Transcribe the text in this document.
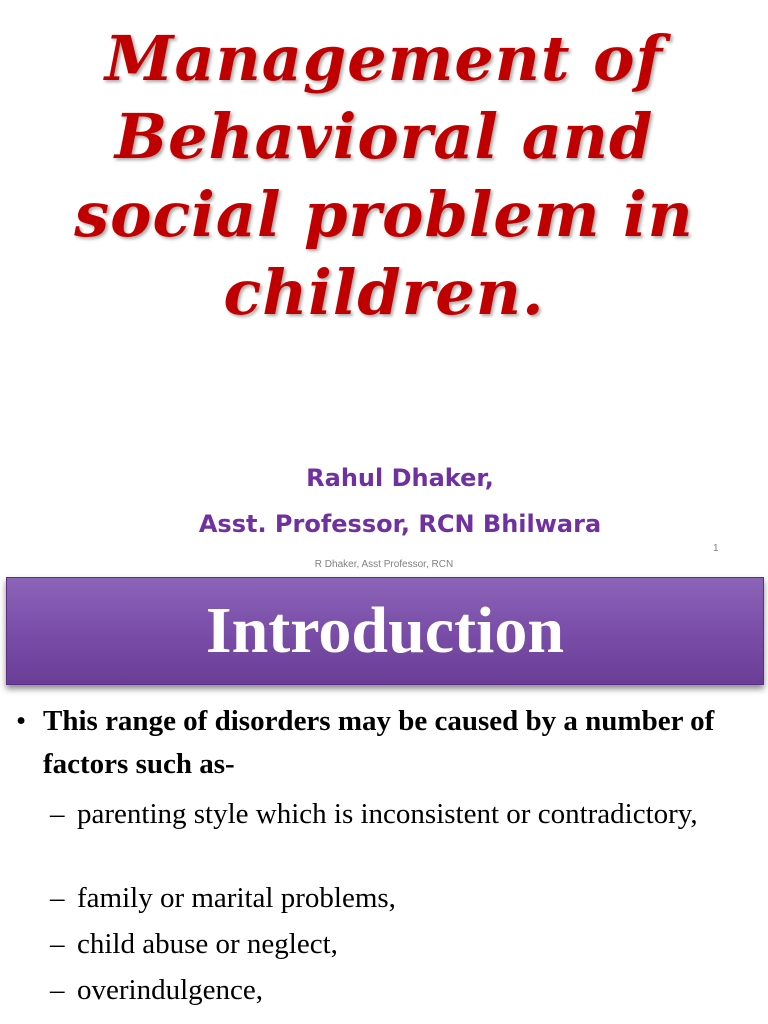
Management of
Behavioral and
social problem in
children.
Rahul Dhaker,
Asst. Professor, RCN Bhilwara
1
R Dhaker, Asst Professor, RCN
Introduction
• This range of disorders may be caused by a number of factors such as-
– parenting style which is inconsistent or contradictory,
– family or marital problems,
– child abuse or neglect,
– overindulgence,
